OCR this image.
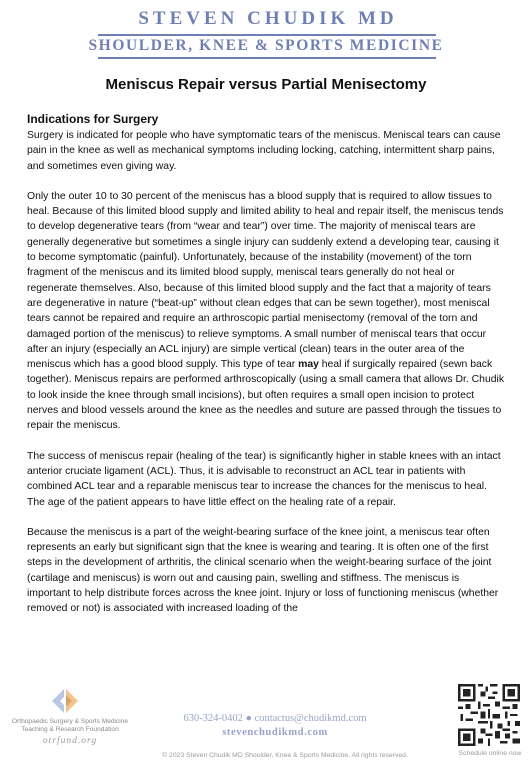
STEVEN CHUDIK MD
SHOULDER, KNEE & SPORTS MEDICINE
Meniscus Repair versus Partial Menisectomy
Indications for Surgery

Surgery is indicated for people who have symptomatic tears of the meniscus. Meniscal tears can cause pain in the knee as well as mechanical symptoms including locking, catching, intermittent sharp pains, and sometimes even giving way.

Only the outer 10 to 30 percent of the meniscus has a blood supply that is required to allow tissues to heal. Because of this limited blood supply and limited ability to heal and repair itself, the meniscus tends to develop degenerative tears (from “wear and tear”) over time. The majority of meniscal tears are generally degenerative but sometimes a single injury can suddenly extend a developing tear, causing it to become symptomatic (painful). Unfortunately, because of the instability (movement) of the torn fragment of the meniscus and its limited blood supply, meniscal tears generally do not heal or regenerate themselves. Also, because of this limited blood supply and the fact that a majority of tears are degenerative in nature (“beat-up” without clean edges that can be sewn together), most meniscal tears cannot be repaired and require an arthroscopic partial menisectomy (removal of the torn and damaged portion of the meniscus) to relieve symptoms. A small number of meniscal tears that occur after an injury (especially an ACL injury) are simple vertical (clean) tears in the outer area of the meniscus which has a good blood supply. This type of tear may heal if surgically repaired (sewn back together). Meniscus repairs are performed arthroscopically (using a small camera that allows Dr. Chudik to look inside the knee through small incisions), but often requires a small open incision to protect nerves and blood vessels around the knee as the needles and suture are passed through the tissues to repair the meniscus.

The success of meniscus repair (healing of the tear) is significantly higher in stable knees with an intact anterior cruciate ligament (ACL). Thus, it is advisable to reconstruct an ACL tear in patients with combined ACL tear and a reparable meniscus tear to increase the chances for the meniscus to heal. The age of the patient appears to have little effect on the healing rate of a repair.

Because the meniscus is a part of the weight-bearing surface of the knee joint, a meniscus tear often represents an early but significant sign that the knee is wearing and tearing. It is often one of the first steps in the development of arthritis, the clinical scenario when the weight-bearing surface of the joint (cartilage and meniscus) is worn out and causing pain, swelling and stiffness. The meniscus is important to help distribute forces across the knee joint. Injury or loss of functioning meniscus (whether removed or not) is associated with increased loading of the

Orthopaedic Surgery & Sports Medicine
Teaching & Research Foundation
otrfund.org
630-324-0402 ● contactus@chudikmd.com
stevenchudikmd.com
© 2023 Steven Chudik MD Shoulder, Knee & Sports Medicine. All rights reserved.	Schedule online now
